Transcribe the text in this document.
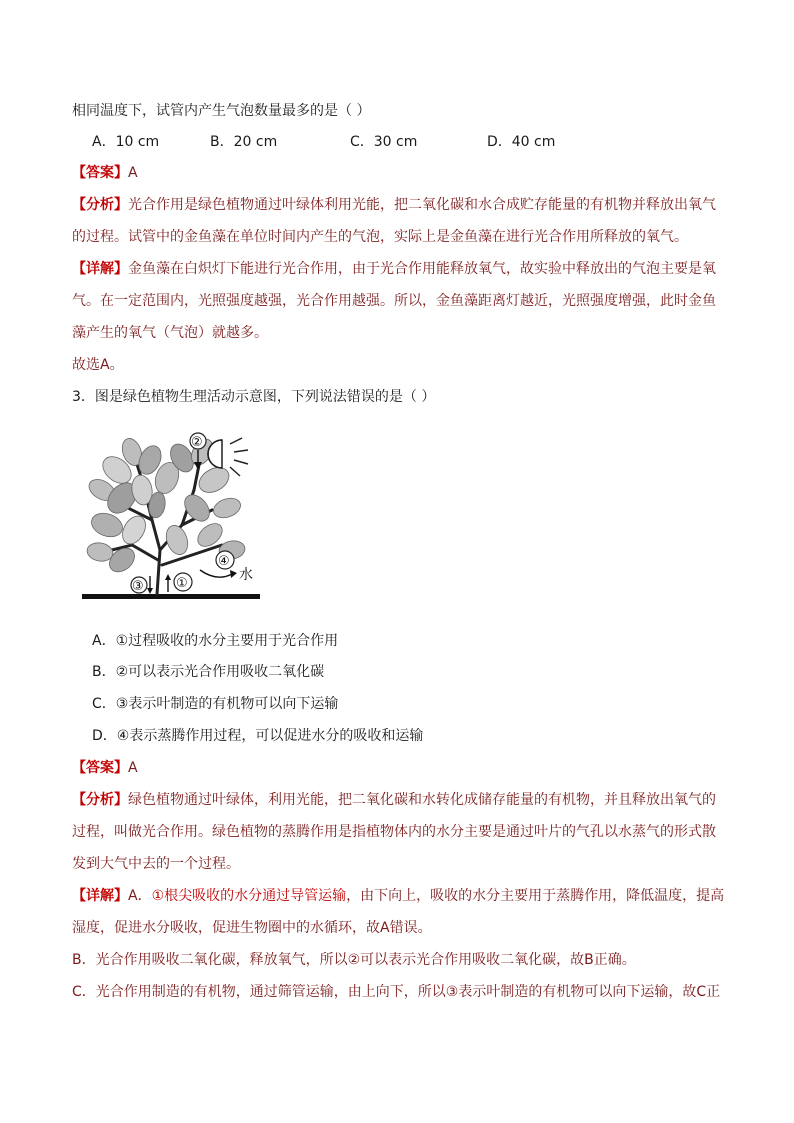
相同温度下，试管内产生气泡数量最多的是（ ）
A．10 cm	B．20 cm	C．30 cm	D．40 cm
【答案】A
【分析】光合作用是绿色植物通过叶绿体利用光能，把二氧化碳和水合成贮存能量的有机物并释放出氧气
的过程。试管中的金鱼藻在单位时间内产生的气泡，实际上是金鱼藻在进行光合作用所释放的氧气。
【详解】金鱼藻在白炽灯下能进行光合作用，由于光合作用能释放氧气，故实验中释放出的气泡主要是氧
气。在一定范围内，光照强度越强，光合作用越强。所以，金鱼藻距离灯越近，光照强度增强，此时金鱼
藻产生的氧气（气泡）就越多。
故选A。
3．图是绿色植物生理活动示意图，下列说法错误的是（ ）
②
④
水
③ ①
A．①过程吸收的水分主要用于光合作用
B．②可以表示光合作用吸收二氧化碳
C．③表示叶制造的有机物可以向下运输
D．④表示蒸腾作用过程，可以促进水分的吸收和运输
【答案】A
【分析】绿色植物通过叶绿体，利用光能，把二氧化碳和水转化成储存能量的有机物，并且释放出氧气的
过程，叫做光合作用。绿色植物的蒸腾作用是指植物体内的水分主要是通过叶片的气孔以水蒸气的形式散
发到大气中去的一个过程。
【详解】A．①根尖吸收的水分通过导管运输，由下向上，吸收的水分主要用于蒸腾作用，降低温度，提高
湿度，促进水分吸收，促进生物圈中的水循环，故A错误。
B．光合作用吸收二氧化碳，释放氧气，所以②可以表示光合作用吸收二氧化碳，故B正确。
C．光合作用制造的有机物，通过筛管运输，由上向下，所以③表示叶制造的有机物可以向下运输，故C正
